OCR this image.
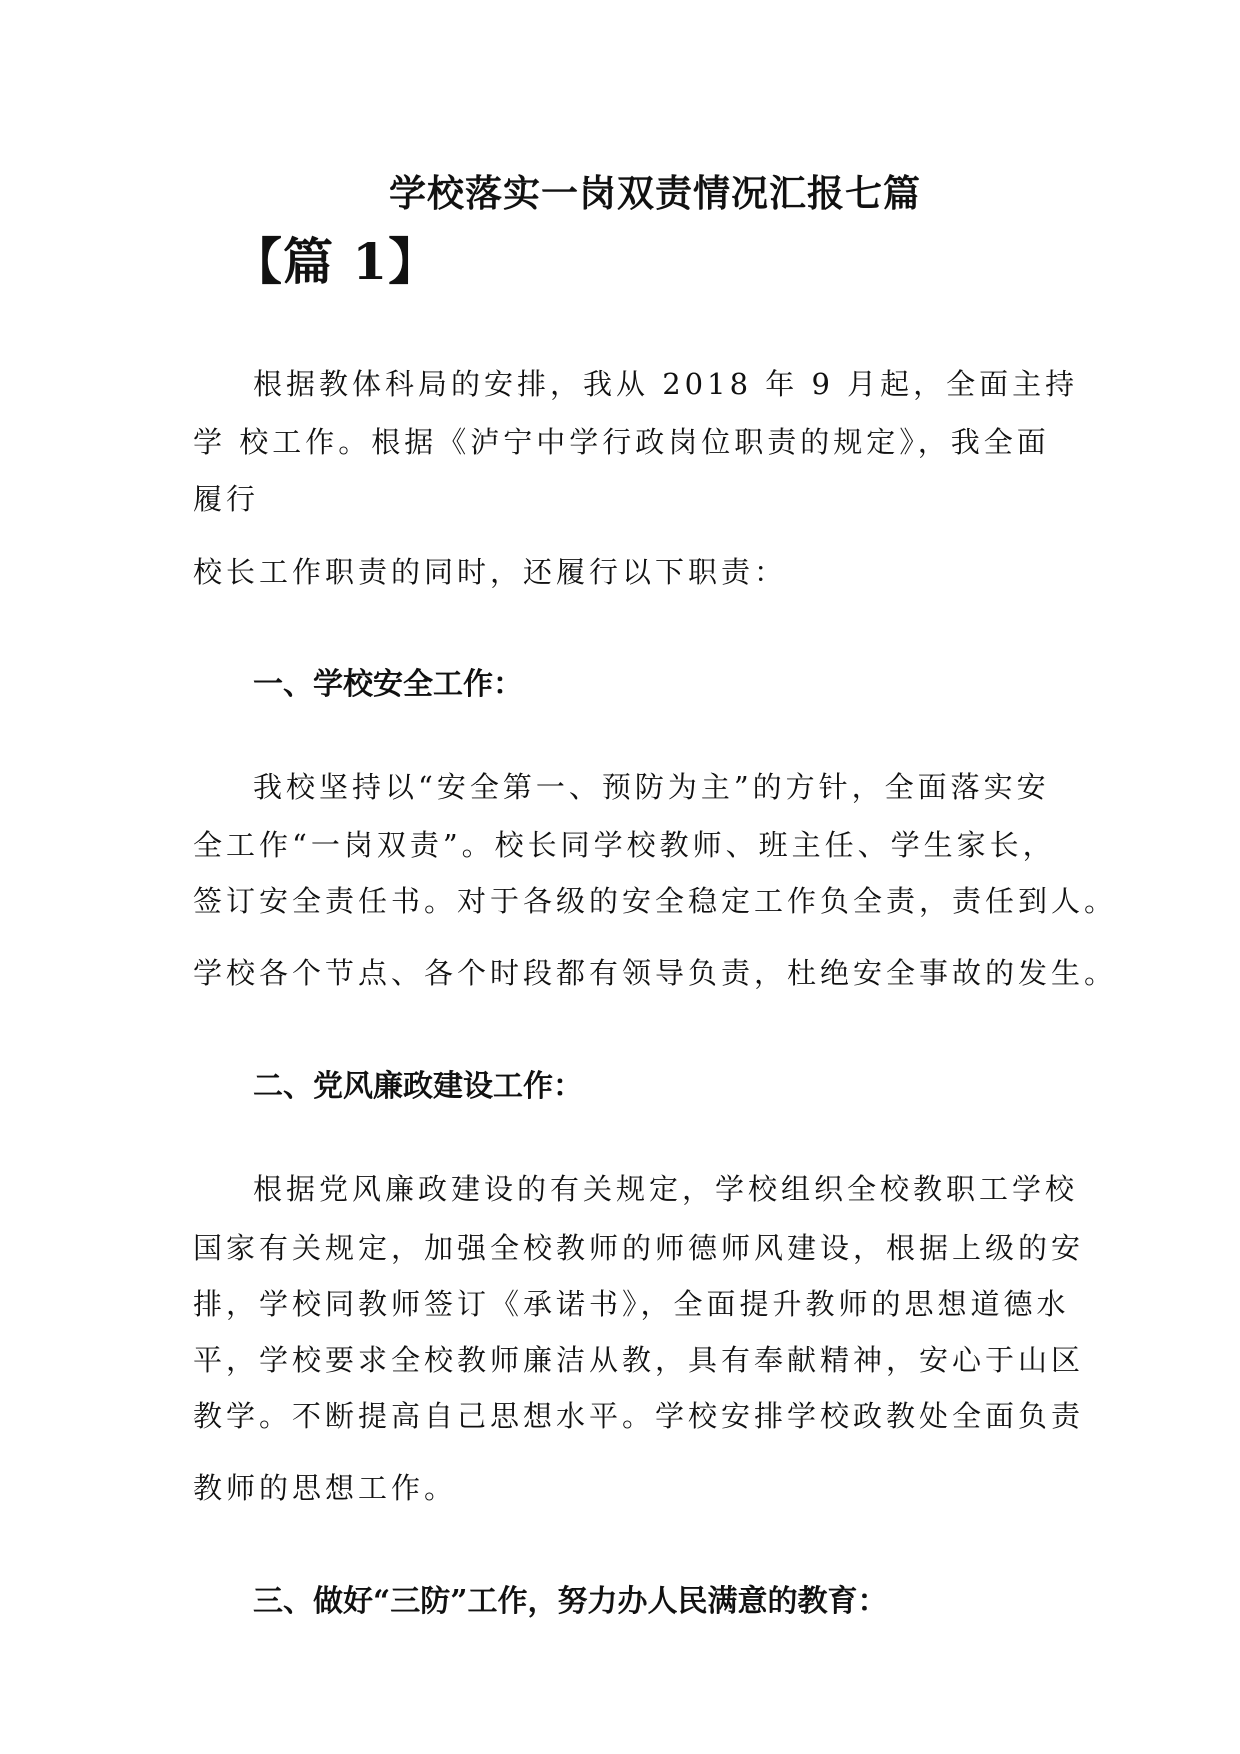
学校落实一岗双责情况汇报七篇
【篇 1】
根据教体科局的安排，我从 2018 年 9 月起，全面主持
学 校工作。根据《泸宁中学行政岗位职责的规定》，我全面
履行
校长工作职责的同时，还履行以下职责：
一、学校安全工作：
我校坚持以“安全第一、预防为主”的方针，全面落实安
全工作“一岗双责”。校长同学校教师、班主任、学生家长，
签订安全责任书。对于各级的安全稳定工作负全责，责任到人。
学校各个节点、各个时段都有领导负责，杜绝安全事故的发生。
二、党风廉政建设工作：
根据党风廉政建设的有关规定，学校组织全校教职工学校
国家有关规定，加强全校教师的师德师风建设，根据上级的安
排，学校同教师签订《承诺书》，全面提升教师的思想道德水
平，学校要求全校教师廉洁从教，具有奉献精神，安心于山区
教学。不断提高自己思想水平。学校安排学校政教处全面负责
教师的思想工作。
三、做好“三防”工作，努力办人民满意的教育：
